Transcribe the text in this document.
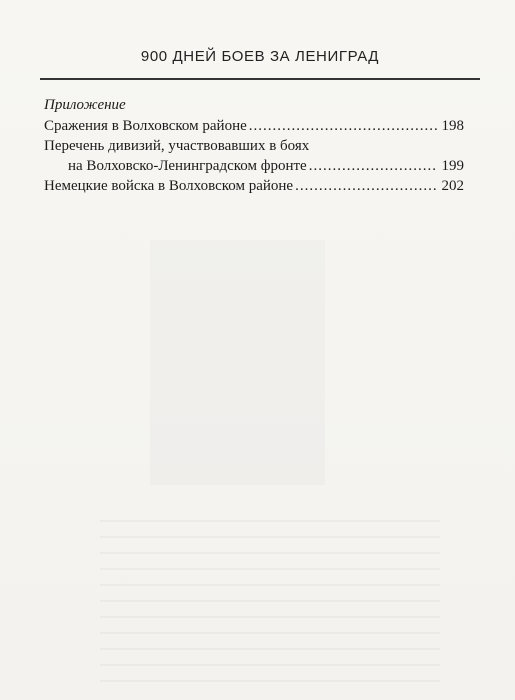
900 ДНЕЙ БОЕВ ЗА ЛЕНИГРАД
Приложение
Сражения в Волховском районе .....	198
Перечень дивизий, участвовавших в боях
на Волховско-Ленинградском фронте .....	199
Немецкие войска в Волховском районе .....	202
